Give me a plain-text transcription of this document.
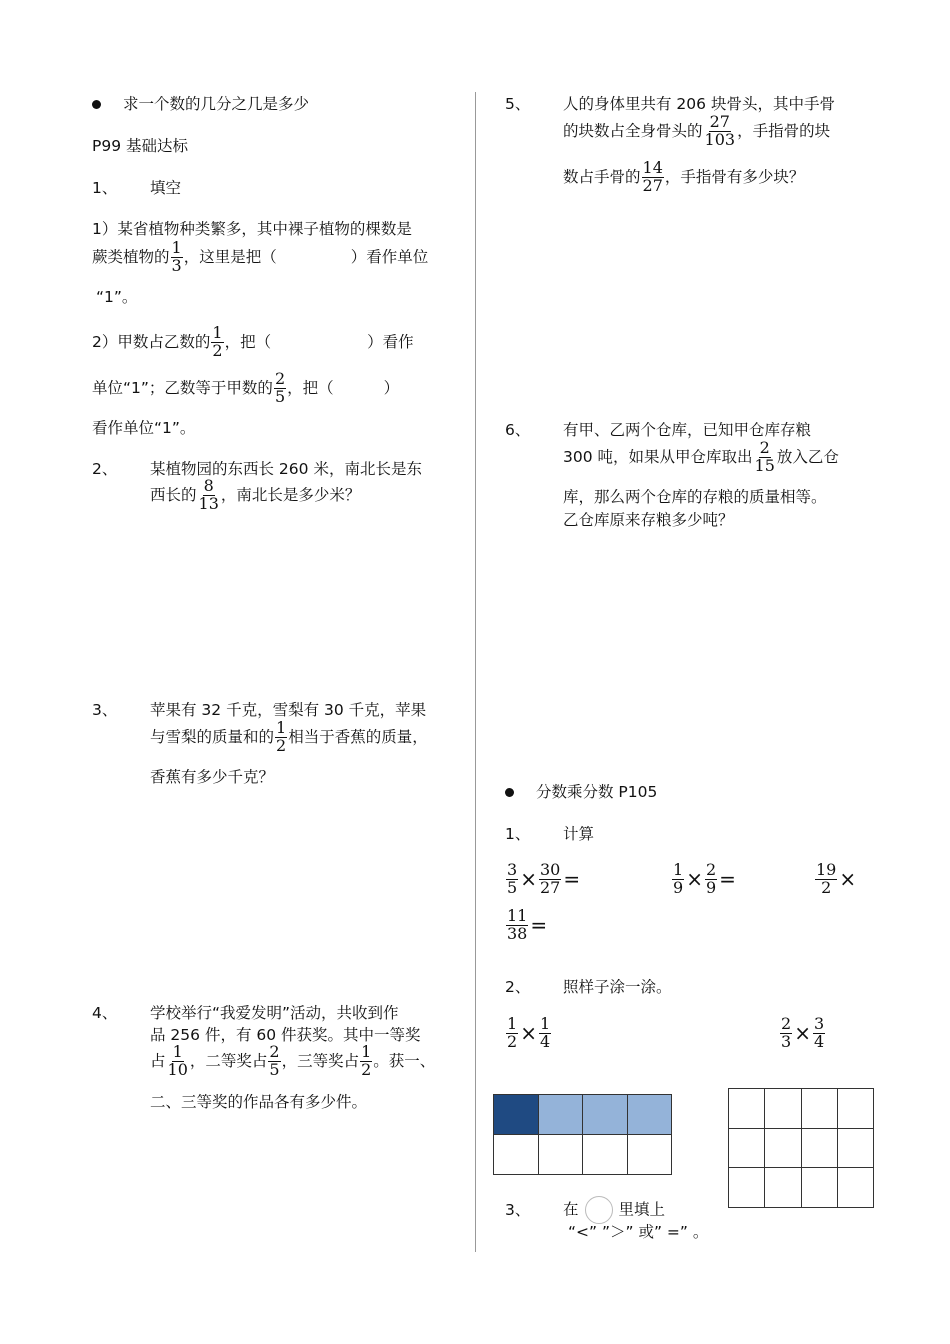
求一个数的几分之几是多少
P99 基础达标
1、 填空
1）某省植物种类繁多，其中裸子植物的棵数是
蕨类植物的 $\frac{1}{3}$ ，这里是把（	）看作单位
“1”。
2）甲数占乙数的 $\frac{1}{2}$ ，把（	）看作
单位“1”；乙数等于甲数的 $\frac{2}{5}$ ，把（	）
看作单位“1”。
2、 某植物园的东西长 260 米，南北长是东
西长的 $\frac{8}{13}$ ，南北长是多少米？
3、 苹果有 32 千克，雪梨有 30 千克，苹果
与雪梨的质量和的 $\frac{1}{2}$ 相当于香蕉的质量，
香蕉有多少千克？
4、 学校举行“我爱发明”活动，共收到作
品 256 件，有 60 件获奖。其中一等奖
占 $\frac{1}{10}$ ，二等奖占 $\frac{2}{5}$ ，三等奖占 $\frac{1}{2}$ 。获一、
二、三等奖的作品各有多少件。
5、 人的身体里共有 206 块骨头，其中手骨
的块数占全身骨头的 $\frac{27}{103}$ ，手指骨的块
数占手骨的 $\frac{14}{27}$ ，手指骨有多少块？
6、 有甲、乙两个仓库，已知甲仓库存粮
300 吨，如果从甲仓库取出 $\frac{2}{15}$ 放入乙仓
库，那么两个仓库的存粮的质量相等。
乙仓库原来存粮多少吨？
分数乘分数 P105
1、 计算
$\frac{3}{5} \times \frac{30}{27}$ =	$\frac{1}{9} \times \frac{2}{9}$ =	$\frac{19}{2}$ ×
$\frac{11}{38}$ =
2、 照样子涂一涂。
$\frac{1}{2} \times \frac{1}{4}$	$\frac{2}{3} \times \frac{3}{4}$
3、 在	里填上
“<” ”＞” 或” =” 。
